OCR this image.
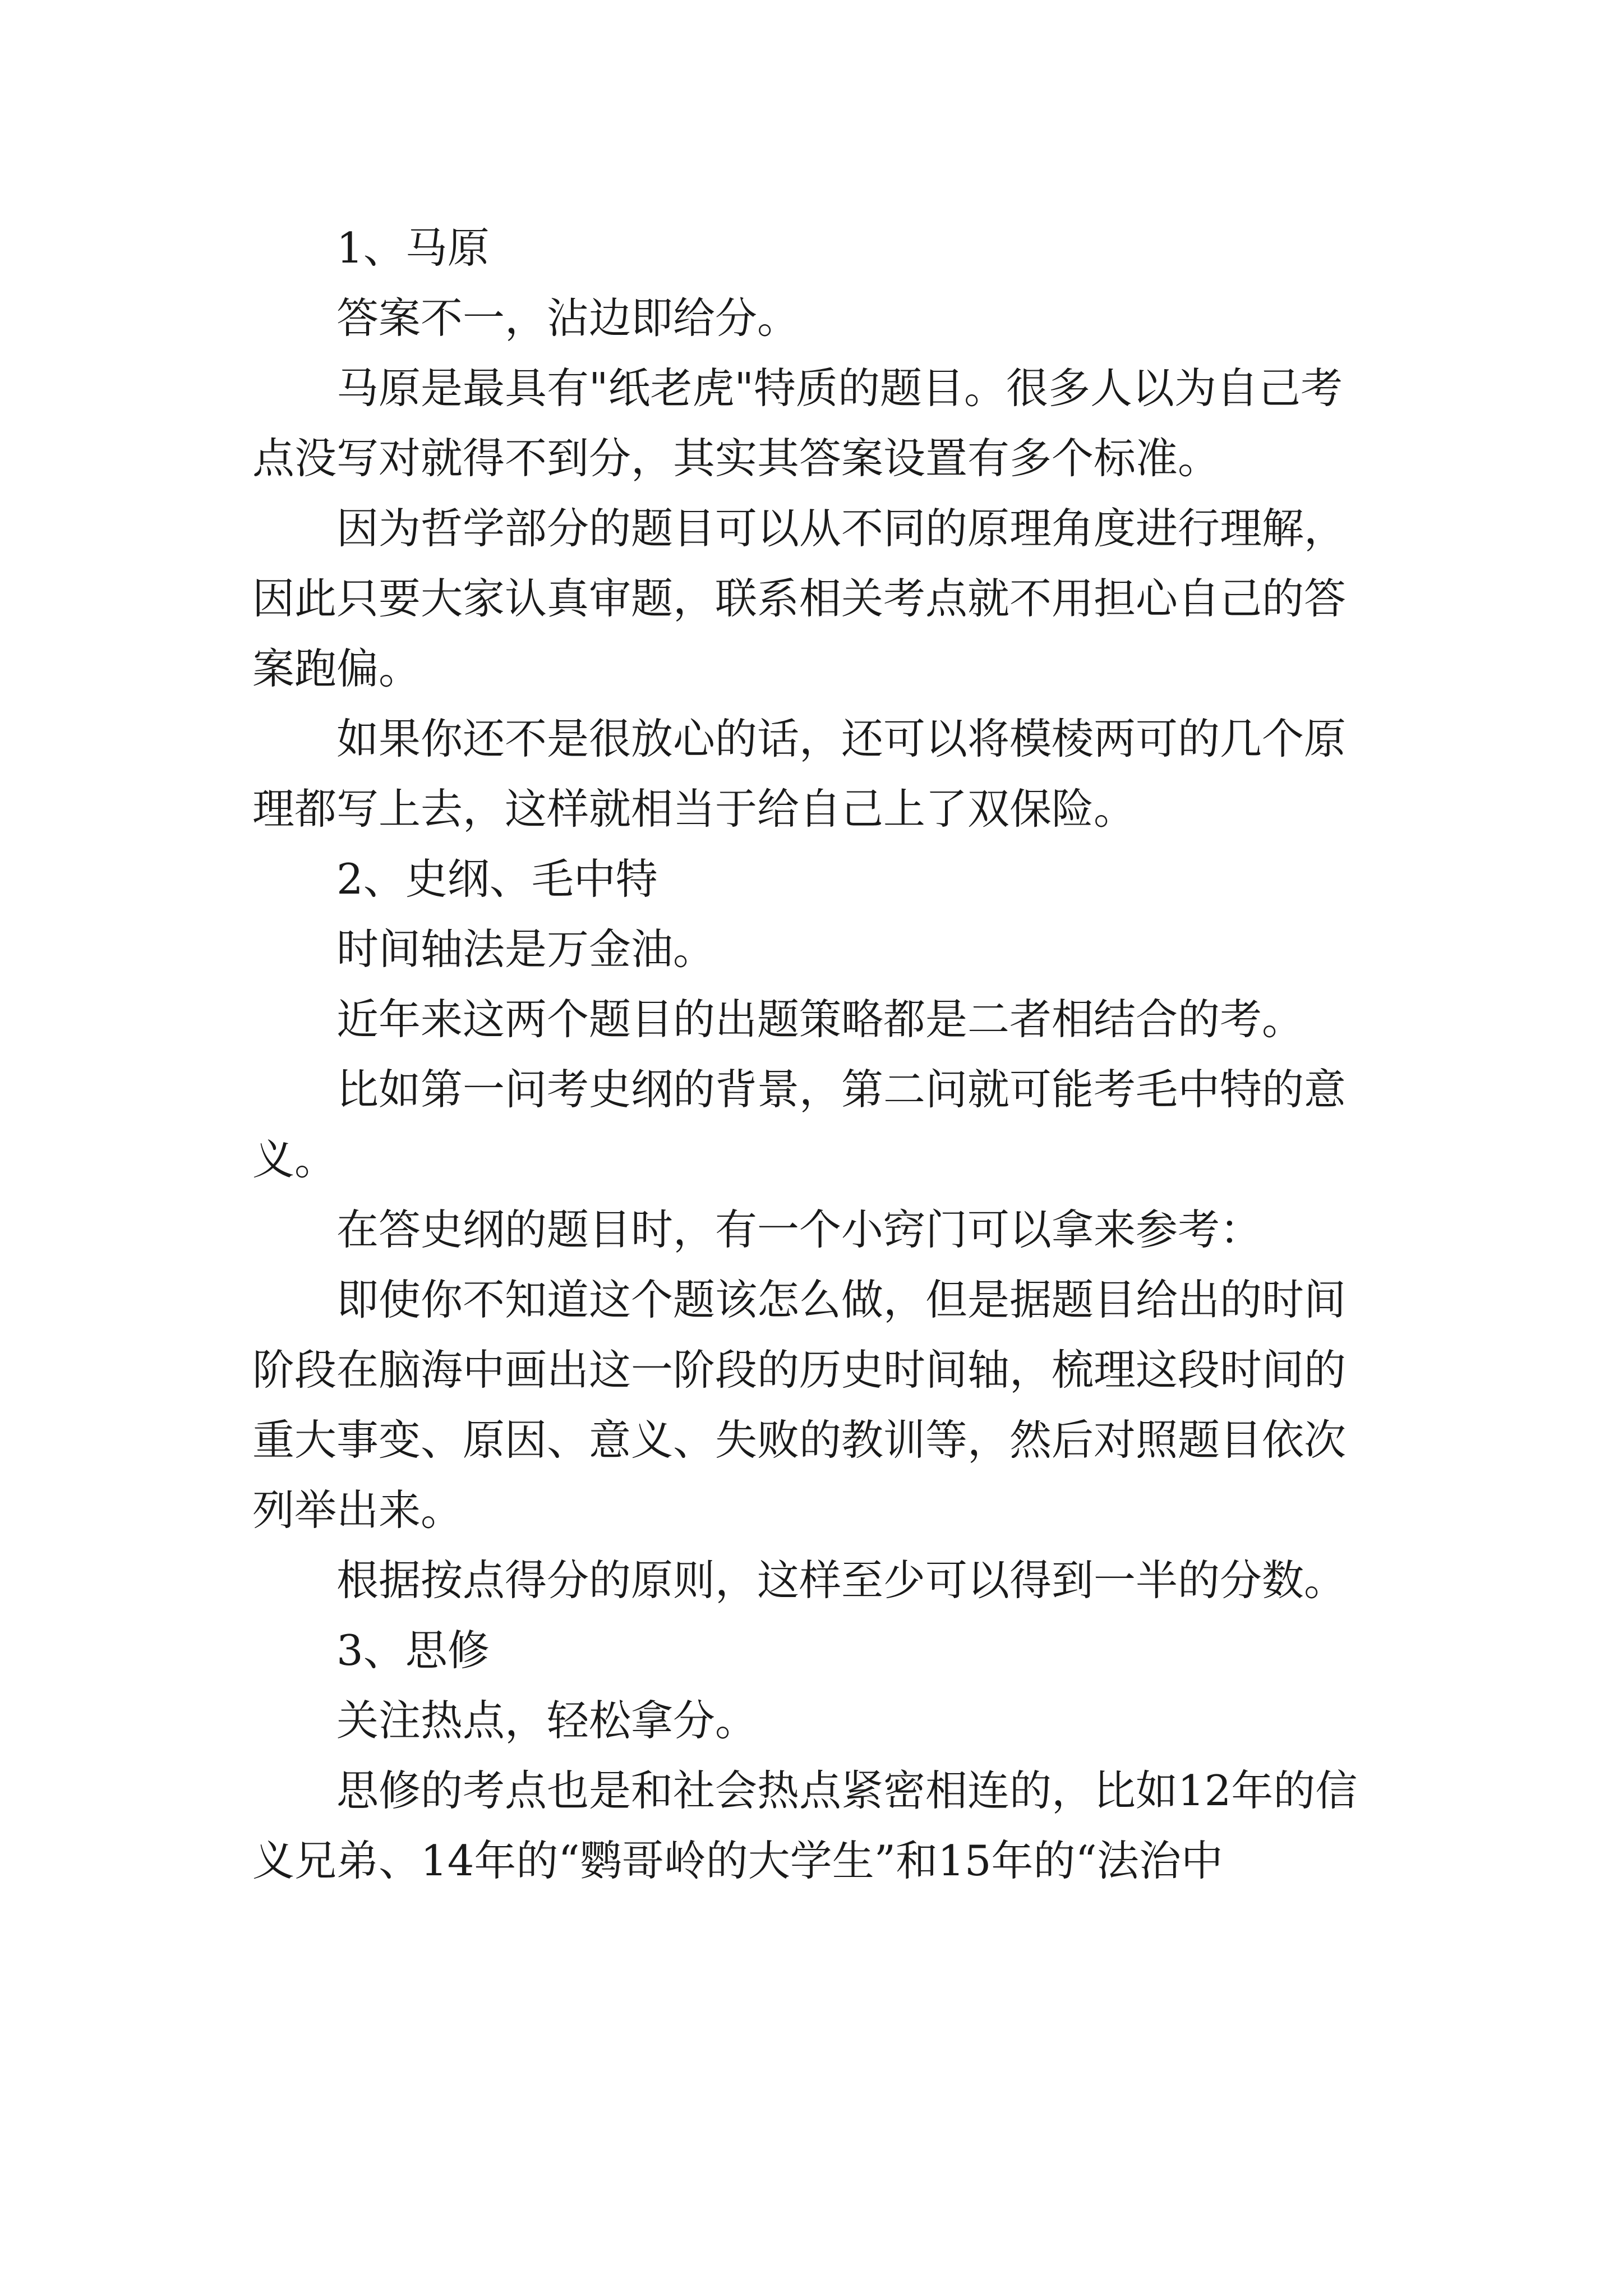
1、马原

答案不一，沾边即给分。

马原是最具有"纸老虎"特质的题目。很多人以为自己考点没写对就得不到分，其实其答案设置有多个标准。

因为哲学部分的题目可以从不同的原理角度进行理解，因此只要大家认真审题，联系相关考点就不用担心自己的答案跑偏。

如果你还不是很放心的话，还可以将模棱两可的几个原理都写上去，这样就相当于给自己上了双保险。

2、史纲、毛中特

时间轴法是万金油。

近年来这两个题目的出题策略都是二者相结合的考。

比如第一问考史纲的背景，第二问就可能考毛中特的意义。

在答史纲的题目时，有一个小窍门可以拿来参考：

即使你不知道这个题该怎么做，但是据题目给出的时间阶段在脑海中画出这一阶段的历史时间轴，梳理这段时间的重大事变、原因、意义、失败的教训等，然后对照题目依次列举出来。

根据按点得分的原则，这样至少可以得到一半的分数。

3、思修

关注热点，轻松拿分。

思修的考点也是和社会热点紧密相连的，比如12年的信义兄弟、14年的“鹦哥岭的大学生”和15年的“法治中
